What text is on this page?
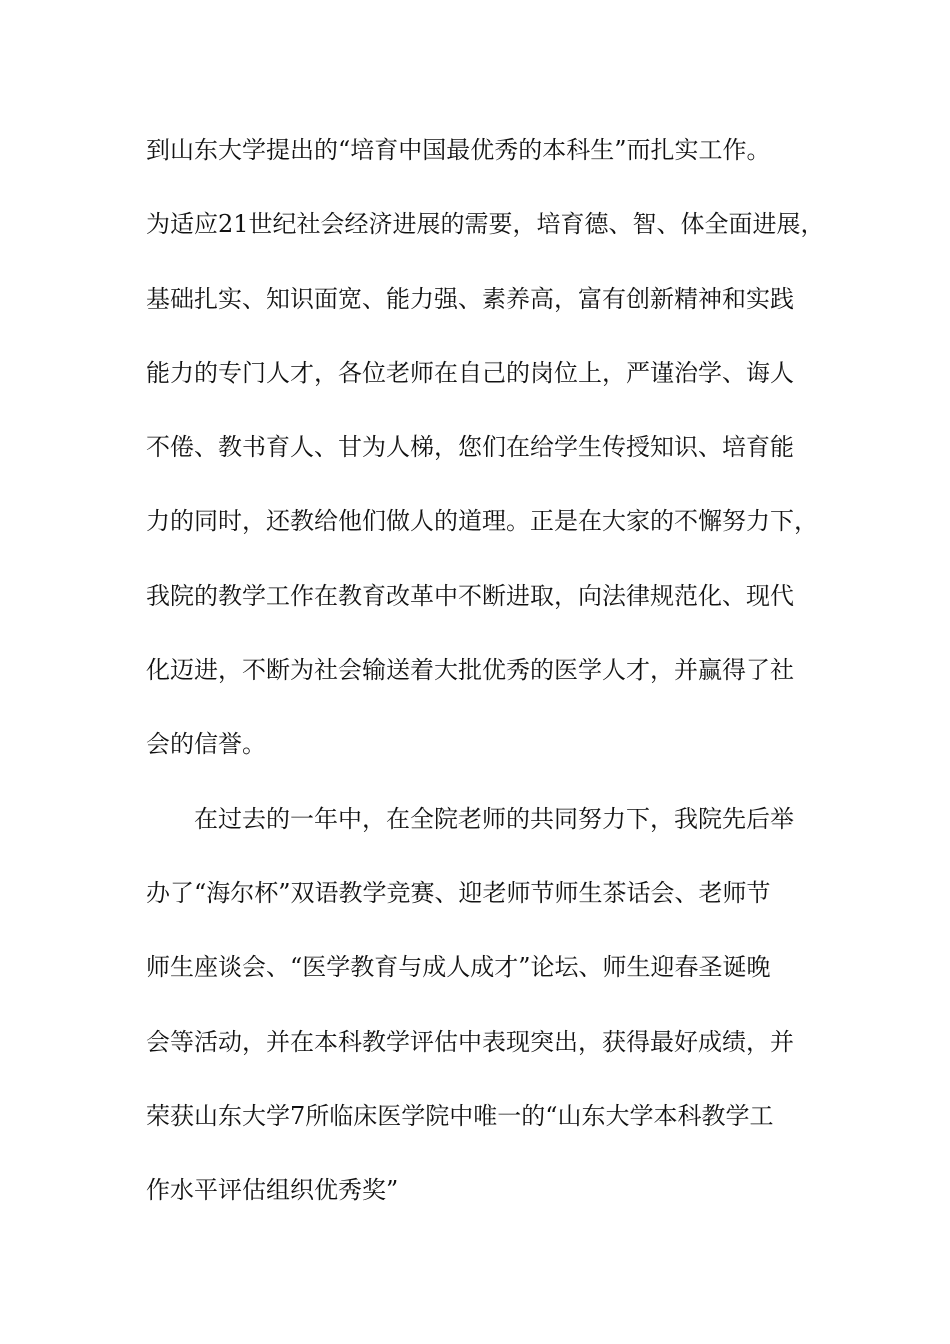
到山东大学提出的“培育中国最优秀的本科生”而扎实工作。
为适应21世纪社会经济进展的需要，培育德、智、体全面进展，
基础扎实、知识面宽、能力强、素养高，富有创新精神和实践
能力的专门人才，各位老师在自己的岗位上，严谨治学、诲人
不倦、教书育人、甘为人梯，您们在给学生传授知识、培育能
力的同时，还教给他们做人的道理。正是在大家的不懈努力下，
我院的教学工作在教育改革中不断进取，向法律规范化、现代
化迈进，不断为社会输送着大批优秀的医学人才，并赢得了社
会的信誉。
在过去的一年中，在全院老师的共同努力下，我院先后举
办了“海尔杯”双语教学竞赛、迎老师节师生茶话会、老师节
师生座谈会、“医学教育与成人成才”论坛、师生迎春圣诞晚
会等活动，并在本科教学评估中表现突出，获得最好成绩，并
荣获山东大学7所临床医学院中唯一的“山东大学本科教学工
作水平评估组织优秀奖”
